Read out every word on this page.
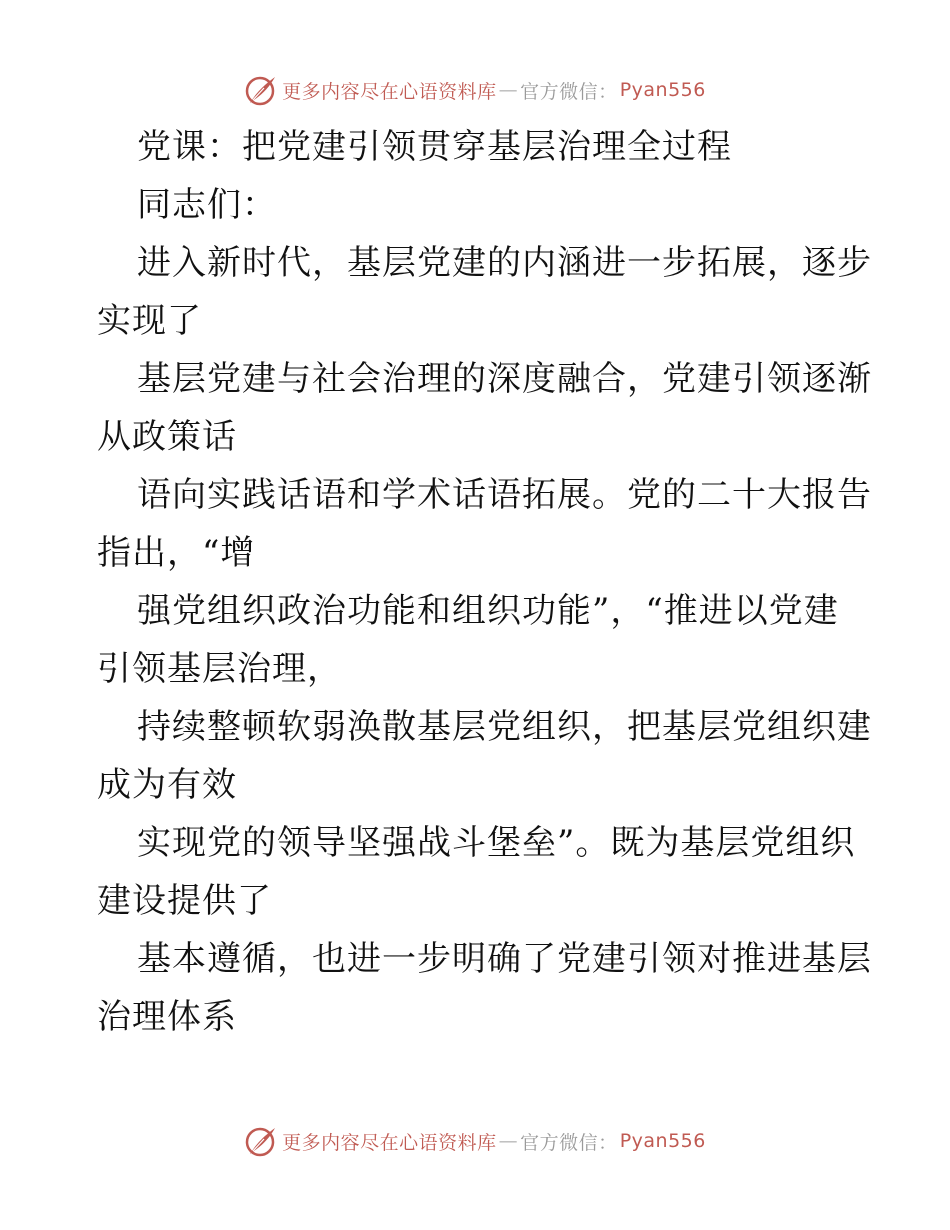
更多内容尽在心语资料库 — 官方微信： Pyan556
党课：把党建引领贯穿基层治理全过程
同志们：
进入新时代，基层党建的内涵进一步拓展，逐步
实现了
基层党建与社会治理的深度融合，党建引领逐渐
从政策话
语向实践话语和学术话语拓展。党的二十大报告
指出，“增
强党组织政治功能和组织功能”，“推进以党建
引领基层治理，
持续整顿软弱涣散基层党组织，把基层党组织建
成为有效
实现党的领导坚强战斗堡垒”。既为基层党组织
建设提供了
基本遵循，也进一步明确了党建引领对推进基层
治理体系
更多内容尽在心语资料库 — 官方微信： Pyan556
